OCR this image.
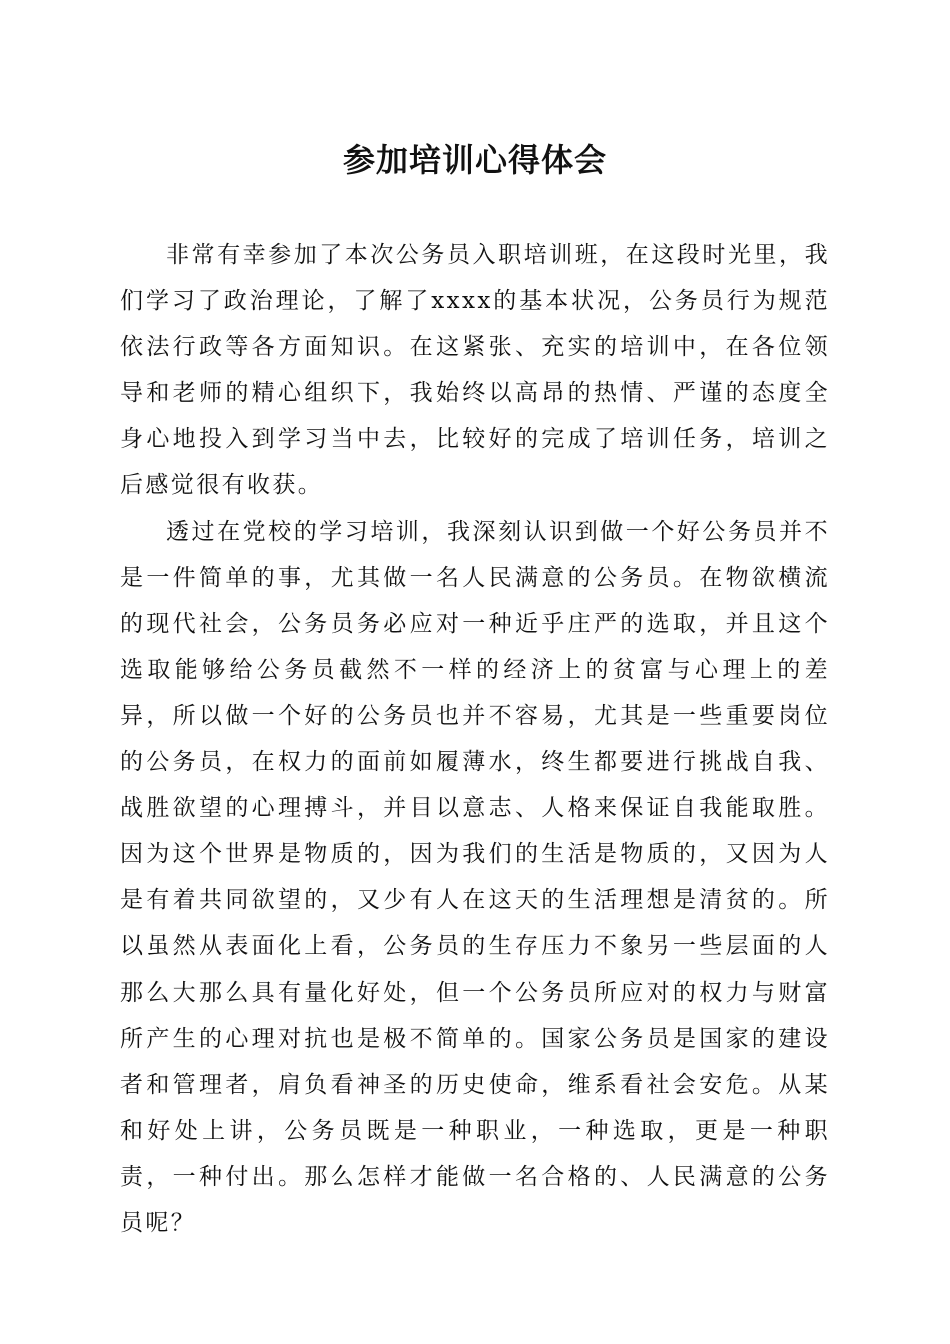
参加培训心得体会

非常有幸参加了本次公务员入职培训班，在这段时光里，我们学习了政治理论，了解了xxxx的基本状况，公务员行为规范依法行政等各方面知识。在这紧张、充实的培训中，在各位领导和老师的精心组织下，我始终以高昂的热情、严谨的态度全身心地投入到学习当中去，比较好的完成了培训任务，培训之后感觉很有收获。

透过在党校的学习培训，我深刻认识到做一个好公务员并不是一件简单的事，尤其做一名人民满意的公务员。在物欲横流的现代社会，公务员务必应对一种近乎庄严的选取，并且这个选取能够给公务员截然不一样的经济上的贫富与心理上的差异，所以做一个好的公务员也并不容易，尤其是一些重要岗位的公务员，在权力的面前如履薄水，终生都要进行挑战自我、战胜欲望的心理搏斗，并目以意志、人格来保证自我能取胜。因为这个世界是物质的，因为我们的生活是物质的，又因为人是有着共同欲望的，又少有人在这天的生活理想是清贫的。所以虽然从表面化上看，公务员的生存压力不象另一些层面的人那么大那么具有量化好处，但一个公务员所应对的权力与财富所产生的心理对抗也是极不简单的。国家公务员是国家的建设者和管理者，肩负看神圣的历史使命，维系看社会安危。从某和好处上讲，公务员既是一种职业，一种选取，更是一种职责，一种付出。那么怎样才能做一名合格的、人民满意的公务员呢？
